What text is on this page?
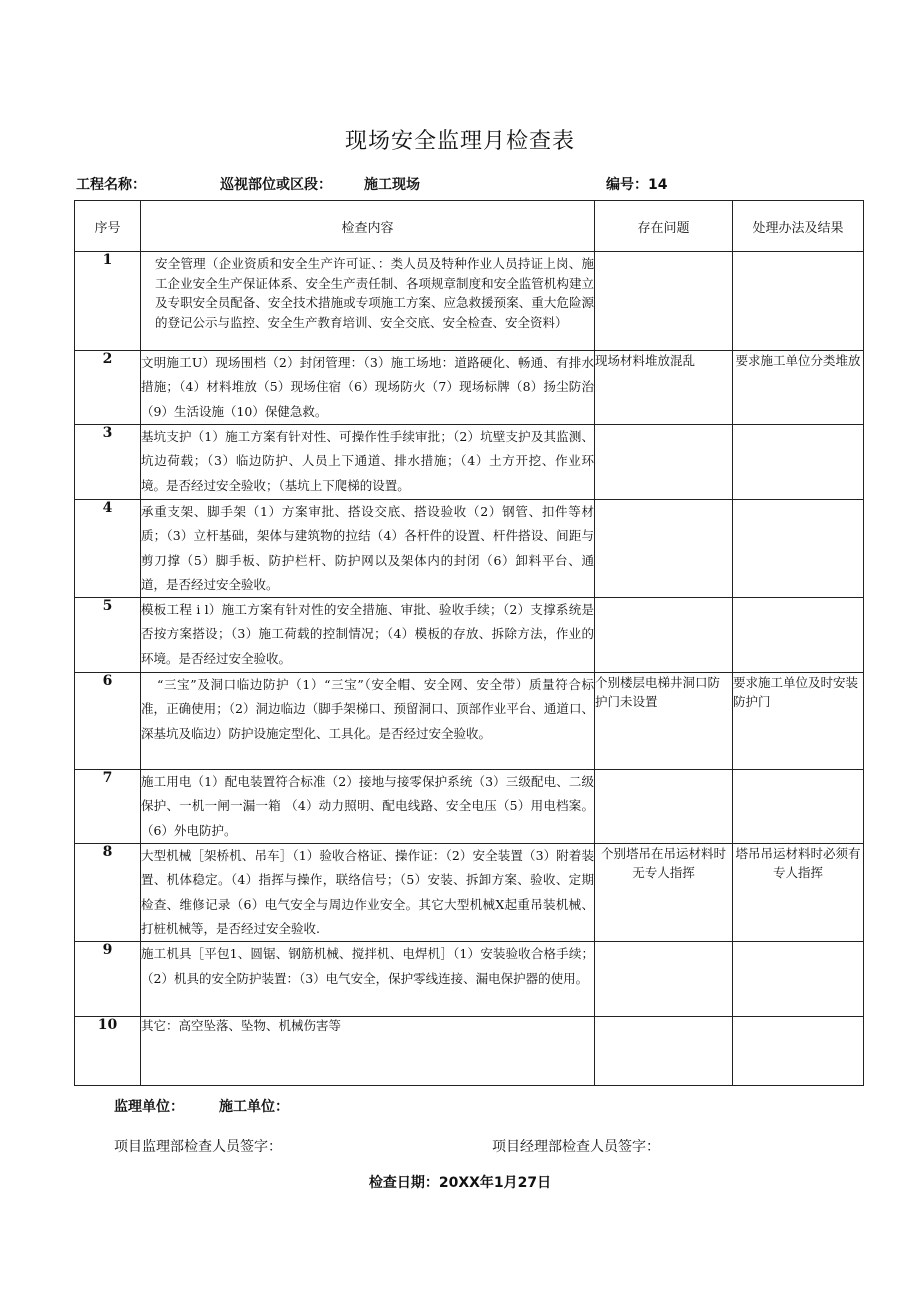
现场安全监理月检查表
工程名称：	巡视部位或区段： 施工现场	编号：14
序号	检查内容	存在问题	处理办法及结果
1	安全管理（企业资质和安全生产许可证、：类人员及特种作业人员持证上岗、施工企业安全生产保证体系、安全生产责任制、各项规章制度和安全监管机构建立及专职安全员配备、安全技术措施或专项施工方案、应急救援预案、重大危险源的登记公示与监控、安全生产教育培训、安全交底、安全检查、安全资料）		
2	文明施工U）现场围档（2）封闭管理：（3）施工场地：道路硬化、畅通、有排水措施；（4）材料堆放（5）现场住宿（6）现场防火（7）现场标牌（8）扬尘防治（9）生活设施（10）保健急救。	现场材料堆放混乱	要求施工单位分类堆放
3	基坑支护（1）施工方案有针对性、可操作性手续审批；（2）坑壁支护及其监测、坑边荷载；（3）临边防护、人员上下通道、排水措施；（4）土方开挖、作业环境。是否经过安全验收；（基坑上下爬梯的设置。		
4	承重支架、脚手架（1）方案审批、搭设交底、搭设验收（2）钢管、扣件等材质；（3）立杆基础，架体与建筑物的拉结（4）各杆件的设置、杆件搭设、间距与剪刀撑（5）脚手板、防护栏杆、防护网以及架体内的封闭（6）卸料平台、通道，是否经过安全验收。		
5	模板工程 i l）施工方案有针对性的安全措施、审批、验收手续；（2）支撑系统是否按方案搭设；（3）施工荷载的控制情况；（4）模板的存放、拆除方法，作业的环境。是否经过安全验收。		
6	“三宝”及洞口临边防护（1）“三宝”（安全帽、安全网、安全带）质量符合标准，正确使用；（2）洞边临边（脚手架梯口、预留洞口、顶部作业平台、通道口、深基坑及临边）防护设施定型化、工具化。是否经过安全验收。	个别楼层电梯井洞口防护门未设置	要求施工单位及时安装防护门
7	施工用电（1）配电装置符合标准（2）接地与接零保护系统（3）三级配电、二级保护、一机一闸一漏一箱 （4）动力照明、配电线路、安全电压（5）用电档案。（6）外电防护。		
8	大型机械［架桥机、吊车］（1）验收合格证、操作证：（2）安全装置（3）附着装置、机体稳定。（4）指挥与操作，联络信号；（5）安装、拆卸方案、验收、定期检查、维修记录（6）电气安全与周边作业安全。其它大型机械X起重吊装机械、打桩机械等，是否经过安全验收.	个别塔吊在吊运材料时无专人指挥	塔吊吊运材料时必须有专人指挥
9	施工机具［平包1、圆锯、钢筋机械、搅拌机、电焊机］（1）安装验收合格手续；（2）机具的安全防护装置：（3）电气安全，保护零线连接、漏电保护器的使用。		
10	其它：高空坠落、坠物、机械伤害等		
监理单位：	施工单位：
项目监理部检查人员签字：	项目经理部检查人员签字：
检查日期：20XX年1月27日
